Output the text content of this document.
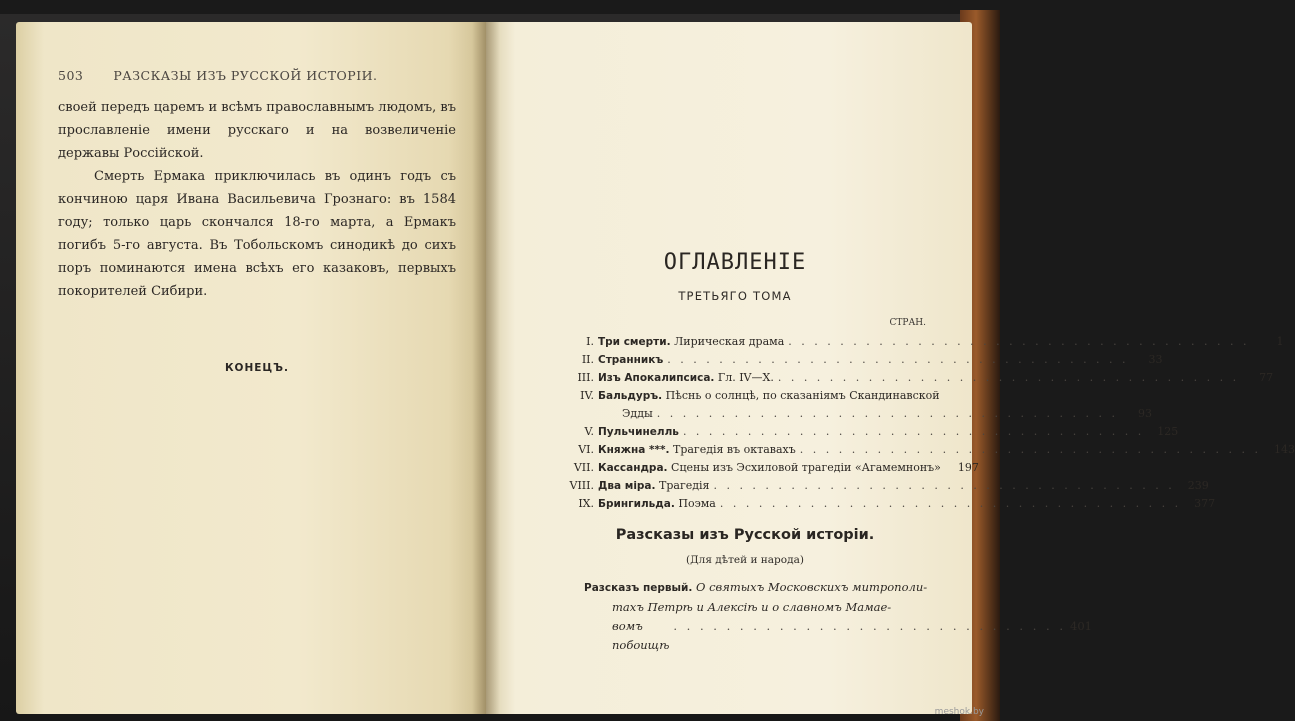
503 РАЗСКАЗЫ ИЗЪ РУССКОЙ ИСТОРІИ.

своей передъ царемъ и всѣмъ православнымъ людомъ, въ прославленіе имени русскаго и на возвеличеніе державы Россійской.

Смерть Ермака приключилась въ одинъ годъ съ кончиною царя Ивана Васильевича Грознаго: въ 1584 году; только царь скончался 18-го марта, а Ермакъ погибъ 5-го августа. Въ Тобольскомъ синодикѣ до сихъ поръ поминаются имена всѣхъ его казаковъ, первыхъ покорителей Сибири.

КОНЕЦЪ.
ОГЛАВЛЕНІЕ
ТРЕТЬЯГО ТОМА
СТРАН.
I. Три смерти. Лирическая драма . . . . . . . . . . . . . . . . . . . . . . . . . . . . . . . . . . . .	1
II. Странникъ . . . . . . . . . . . . . . . . . . . . . . . . . . . . . . . . . . . .	33
III. Изъ Апокалипсиса. Гл. IV—X. . . . . . . . . . . . . . . . . . . . . . . . . . . . . . . . . . . . .	77
IV. Бальдуръ. Пѣснь о солнцѣ, по сказаніямъ Скандинавской
Эдды . . . . . . . . . . . . . . . . . . . . . . . . . . . . . . . . . . . .	93
V. Пульчинелль . . . . . . . . . . . . . . . . . . . . . . . . . . . . . . . . . . . .	125
VI. Княжна ***. Трагедія въ октавахъ . . . . . . . . . . . . . . . . . . . . . . . . . . . . . . . . . . . .	143
VII. Кассандра. Сцены изъ Эсхиловой трагедіи «Агамемнонъ»	197
VIII. Два міра. Трагедія . . . . . . . . . . . . . . . . . . . . . . . . . . . . . . . . . . . .	239
IX. Брингильда. Поэма . . . . . . . . . . . . . . . . . . . . . . . . . . . . . . . . . . . .	377
Разсказы изъ Русской исторіи.
(Для дѣтей и народа)
Разсказъ первый. О святыхъ Московскихъ митрополи-
тахъ Петрѣ и Алексіѣ и о славномъ Мамаe-
вомъ побоищѣ
. . . . . . . . . . . . . . . . . . . . . . . . . . . . . . 401
meshok.by
